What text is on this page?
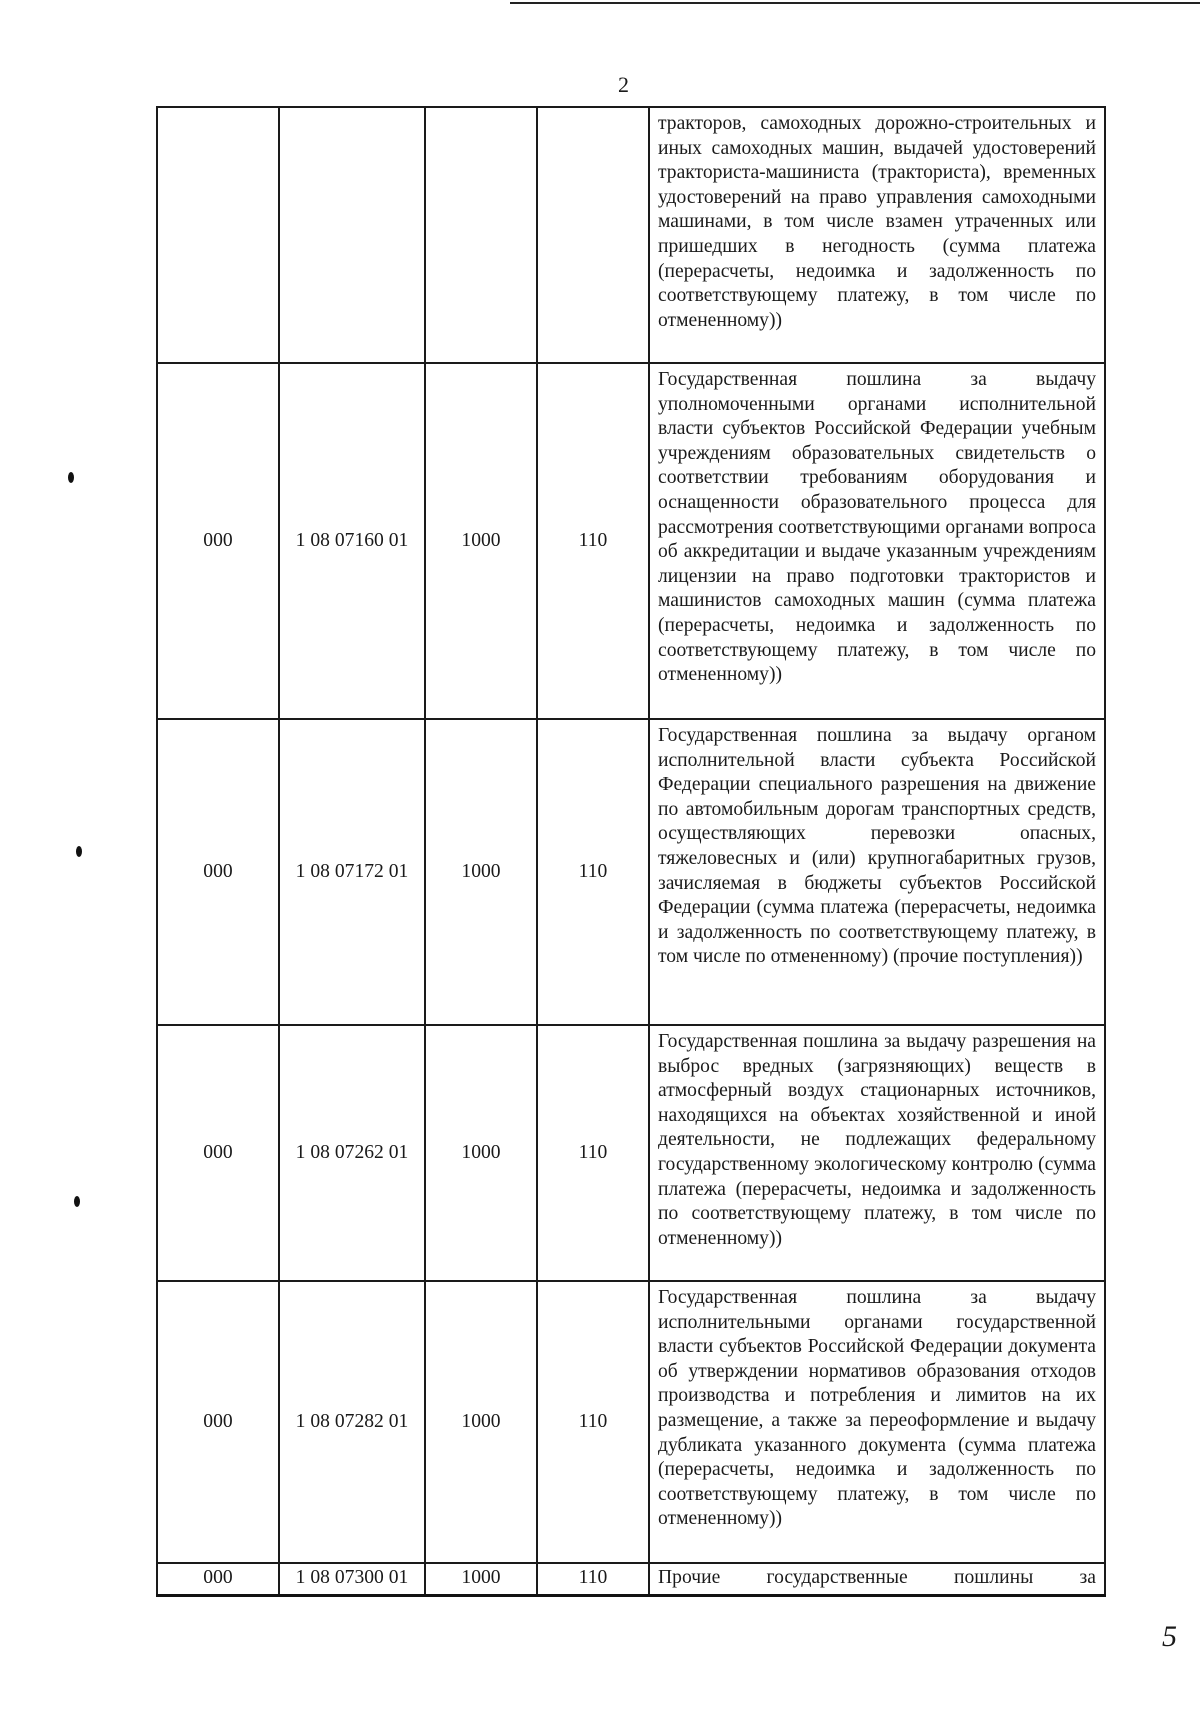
2
				тракторов, самоходных дорожно-строительных и иных самоходных машин, выдачей удостоверений тракториста-машиниста (тракториста), временных удостоверений на право управления самоходными машинами, в том числе взамен утраченных или пришедших в негодность (сумма платежа (перерасчеты, недоимка и задолженность по соответствующему платежу, в том числе по отмененному))
000	1 08 07160 01	1000	110	Государственная пошлина за выдачу уполномоченными органами исполнительной власти субъектов Российской Федерации учебным учреждениям образовательных свидетельств о соответствии требованиям оборудования и оснащенности образовательного процесса для рассмотрения соответствующими органами вопроса об аккредитации и выдаче указанным учреждениям лицензии на право подготовки трактористов и машинистов самоходных машин (сумма платежа (перерасчеты, недоимка и задолженность по соответствующему платежу, в том числе по отмененному))
000	1 08 07172 01	1000	110	Государственная пошлина за выдачу органом исполнительной власти субъекта Российской Федерации специального разрешения на движение по автомобильным дорогам транспортных средств, осуществляющих перевозки опасных, тяжеловесных и (или) крупногабаритных грузов, зачисляемая в бюджеты субъектов Российской Федерации (сумма платежа (перерасчеты, недоимка и задолженность по соответствующему платежу, в том числе по отмененному) (прочие поступления))
000	1 08 07262 01	1000	110	Государственная пошлина за выдачу разрешения на выброс вредных (загрязняющих) веществ в атмосферный воздух стационарных источников, находящихся на объектах хозяйственной и иной деятельности, не подлежащих федеральному государственному экологическому контролю (сумма платежа (перерасчеты, недоимка и задолженность по соответствующему платежу, в том числе по отмененному))
000	1 08 07282 01	1000	110	Государственная пошлина за выдачу исполнительными органами государственной власти субъектов Российской Федерации документа об утверждении нормативов образования отходов производства и потребления и лимитов на их размещение, а также за переоформление и выдачу дубликата указанного документа (сумма платежа (перерасчеты, недоимка и задолженность по соответствующему платежу, в том числе по отмененному))
000	1 08 07300 01	1000	110	Прочие государственные пошлины за
5
